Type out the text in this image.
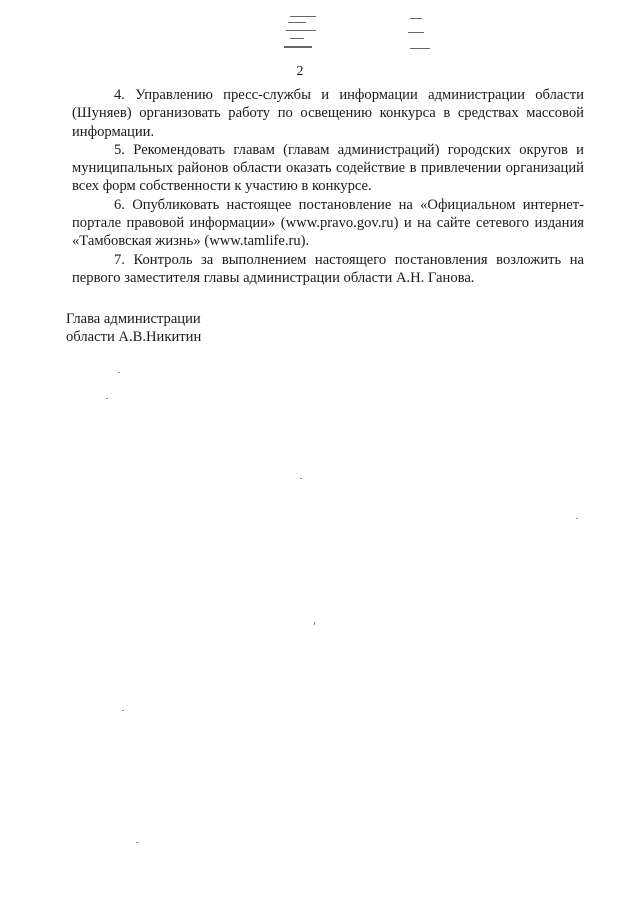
2

4. Управлению пресс-службы и информации администрации области (Шуняев) организовать работу по освещению конкурса в средствах массовой информации.

5. Рекомендовать главам (главам администраций) городских округов и муниципальных районов области оказать содействие в привлечении организаций всех форм собственности к участию в конкурсе.

6. Опубликовать настоящее постановление на «Официальном интернет-портале правовой информации» (www.pravo.gov.ru) и на сайте сетевого издания «Тамбовская жизнь» (www.tamlife.ru).

7. Контроль за выполнением настоящего постановления возложить на первого заместителя главы администрации области А.Н. Ганова.

Глава администрации
области А.В.Никитин
